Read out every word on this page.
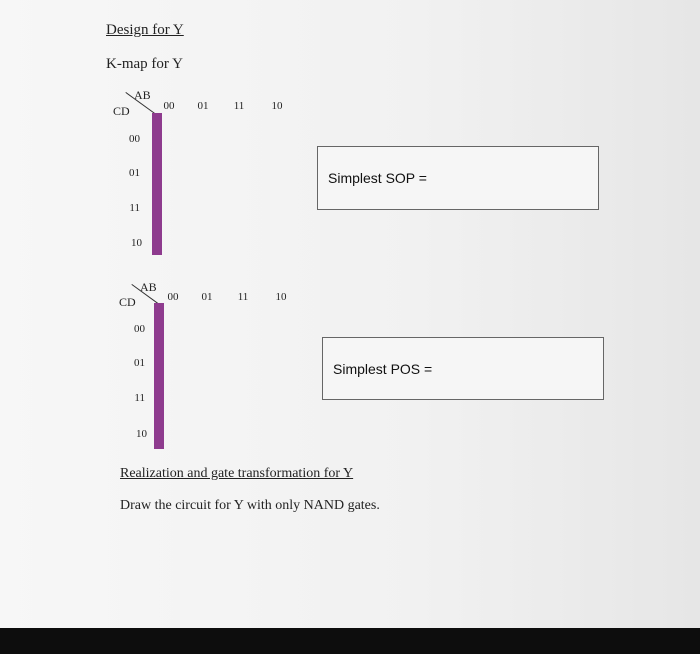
Design for Y
K-map for Y
AB
CD	00	01	11	10
00
01
11
10

Simplest SOP =
AB
CD	00	01	11	10
00
01
11
10

Simplest POS =
Realization and gate transformation for Y
Draw the circuit for Y with only NAND gates.
